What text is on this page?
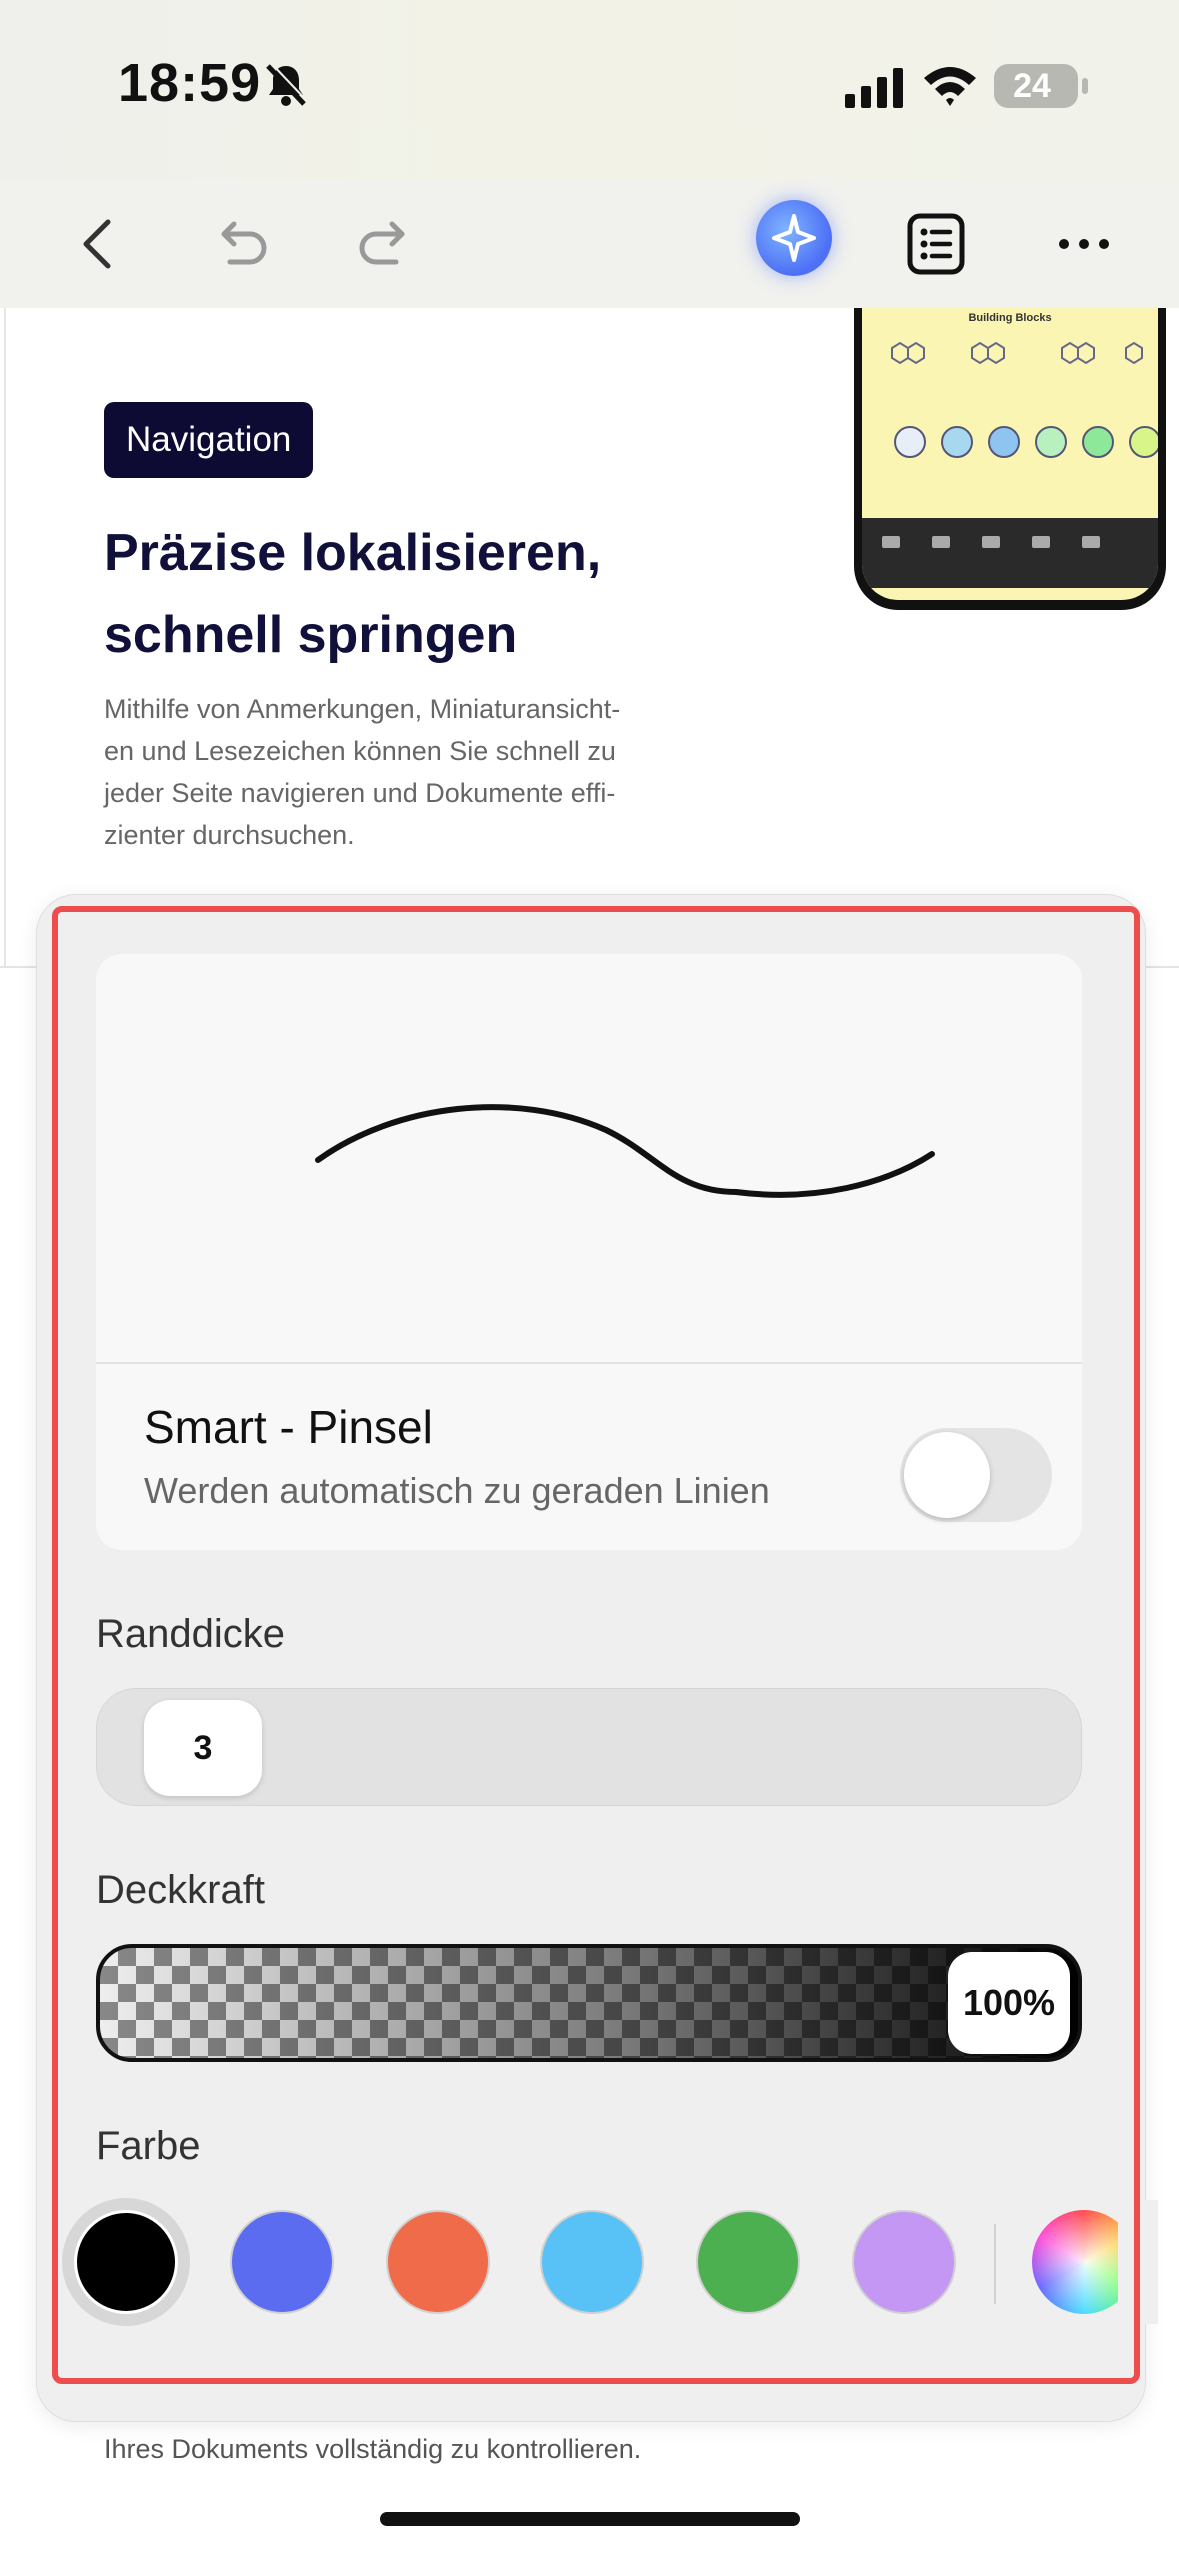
18:59	24
Navigation
Präzise lokalisieren,
schnell springen
Mithilfe von Anmerkungen, Miniaturansicht-
en und Lesezeichen können Sie schnell zu
jeder Seite navigieren und Dokumente effi-
zienter durchsuchen.
Building Blocks
Ihres Dokuments vollständig zu kontrollieren.
Smart - Pinsel
Werden automatisch zu geraden Linien
Randdicke
3
Deckkraft
100%
Farbe
